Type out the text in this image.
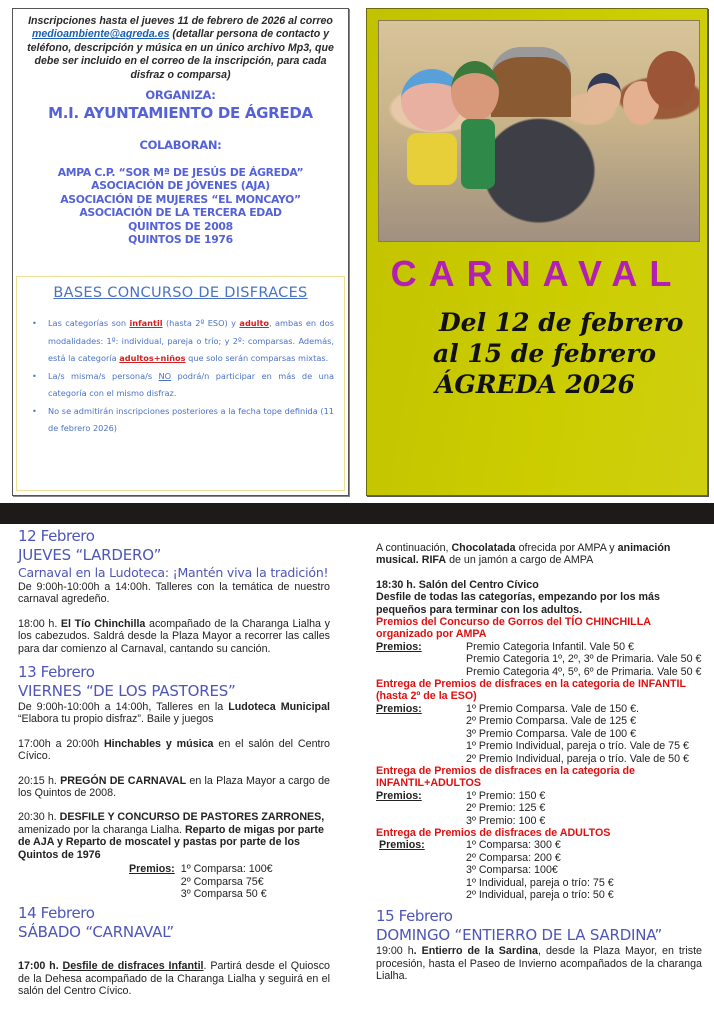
Inscripciones hasta el jueves 11 de febrero de 2026 al correo medioambiente@agreda.es (detallar persona de contacto y teléfono, descripción y música en un único archivo Mp3, que debe ser incluido en el correo de la inscripción, para cada disfraz o comparsa)

ORGANIZA:
M.I. AYUNTAMIENTO DE ÁGREDA
COLABORAN:
AMPA C.P. “SOR Mª DE JESÚS DE ÁGREDA”
ASOCIACIÓN DE JÓVENES (AJA)
ASOCIACIÓN DE MUJERES “EL MONCAYO”
ASOCIACIÓN DE LA TERCERA EDAD
QUINTOS DE 2008
QUINTOS DE 1976
BASES CONCURSO DE DISFRACES
• Las categorías son infantil (hasta 2º ESO) y adulto, ambas en dos modalidades: 1º: individual, pareja o trío; y 2º: comparsas. Además, está la categoría adultos+niños que solo serán comparsas mixtas.
• La/s misma/s persona/s NO podrá/n participar en más de una categoría con el mismo disfraz.
• No se admitirán inscripciones posteriores a la fecha tope definida (11 de febrero 2026)
CARNAVAL
Del 12 de febrero
al 15 de febrero
ÁGREDA 2026
12 Febrero
JUEVES “LARDERO”
Carnaval en la Ludoteca: ¡Mantén viva la tradición!

De 9:00h-10:00h a 14:00h. Talleres con la temática de nuestro carnaval agredeño.

18:00 h. El Tío Chinchilla acompañado de la Charanga Lialha y los cabezudos. Saldrá desde la Plaza Mayor a recorrer las calles para dar comienzo al Carnaval, cantando su canción.

13 Febrero
VIERNES “DE LOS PASTORES”

De 9:00h-10:00h a 14:00h, Talleres en la Ludoteca Municipal “Elabora tu propio disfraz”. Baile y juegos

17:00h a 20:00h Hinchables y música en el salón del Centro Cívico.

20:15 h. PREGÓN DE CARNAVAL en la Plaza Mayor a cargo de los Quintos de 2008.

20:30 h. DESFILE Y CONCURSO DE PASTORES ZARRONES, amenizado por la charanga Lialha. Reparto de migas por parte de AJA y Reparto de moscatel y pastas por parte de los Quintos de 1976

Premios: 1º Comparsa: 100€
2º Comparsa 75€
3º Comparsa 50 €
14 Febrero
SÁBADO “CARNAVAL”

17:00 h. Desfile de disfraces Infantil. Partirá desde el Quiosco de la Dehesa acompañado de la Charanga Lialha y seguirá en el salón del Centro Cívico.

A continuación, Chocolatada ofrecida por AMPA y animación musical. RIFA de un jamón a cargo de AMPA

18:30 h. Salón del Centro Cívico
Desfile de todas las categorías, empezando por los más pequeños para terminar con los adultos.
Premios del Concurso de Gorros del TÍO CHINCHILLA organizado por AMPA
Premios:	Premio Categoria Infantil. Vale 50 €
Premio Categoria 1º, 2º, 3º de Primaria. Vale 50 €
Premio Categoria 4º, 5º, 6º de Primaria. Vale 50 €
Entrega de Premios de disfraces en la categoria de INFANTIL (hasta 2º de la ESO)
Premios:	1º Premio Comparsa. Vale de 150 €.
2º Premio Comparsa. Vale de 125 €
3º Premio Comparsa. Vale de 100 €
1º Premio Individual, pareja o trío. Vale de 75 €
2º Premio Individual, pareja o trío. Vale de 50 €
Entrega de Premios de disfraces en la categoria de INFANTIL+ADULTOS
Premios:	1º Premio: 150 €
2º Premio: 125 €
3º Premio: 100 €
Entrega de Premios de disfraces de ADULTOS
Premios:	1º Comparsa: 300 €
2º Comparsa: 200 €
3º Comparsa: 100€
1º Individual, pareja o trío: 75 €
2º Individual, pareja o trío: 50 €
15 Febrero
DOMINGO “ENTIERRO DE LA SARDINA”

19:00 h. Entierro de la Sardina, desde la Plaza Mayor, en triste procesión, hasta el Paseo de Invierno acompañados de la charanga Lialha.
